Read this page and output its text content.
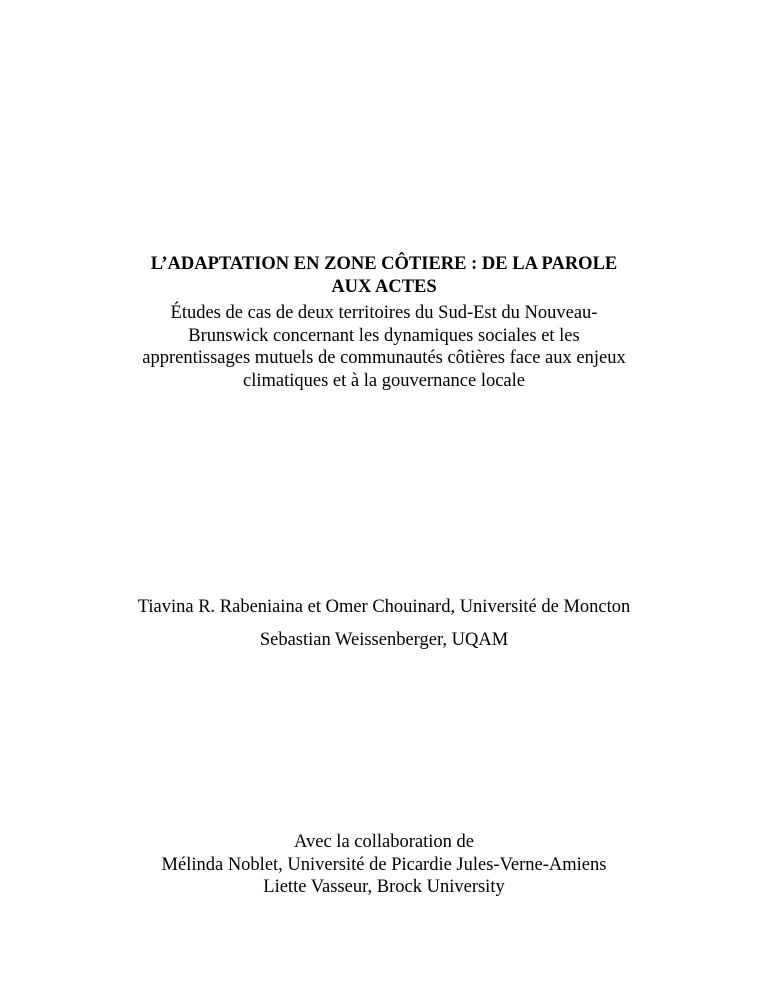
L’ADAPTATION EN ZONE CÔTIERE : DE LA PAROLE
AUX ACTES
Études de cas de deux territoires du Sud-Est du Nouveau-
Brunswick concernant les dynamiques sociales et les
apprentissages mutuels de communautés côtières face aux enjeux
climatiques et à la gouvernance locale
Tiavina R. Rabeniaina et Omer Chouinard, Université de Moncton
Sebastian Weissenberger, UQAM
Avec la collaboration de
Mélinda Noblet, Université de Picardie Jules-Verne-Amiens
Liette Vasseur, Brock University
